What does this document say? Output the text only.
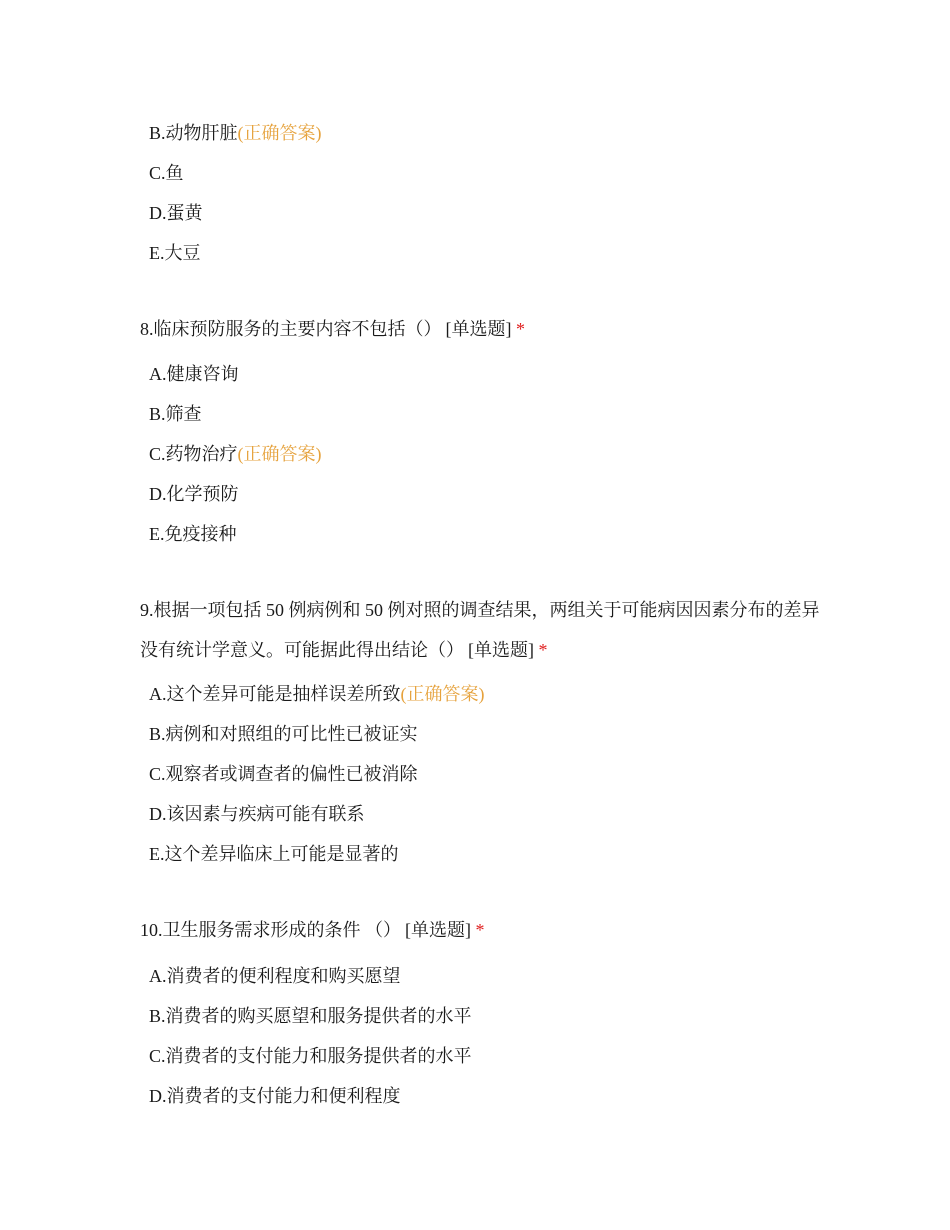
B.动物肝脏(正确答案)
C.鱼
D.蛋黄
E.大豆
8.临床预防服务的主要内容不包括（） [单选题] *
A.健康咨询
B.筛查
C.药物治疗(正确答案)
D.化学预防
E.免疫接种
9.根据一项包括 50 例病例和 50 例对照的调查结果，两组关于可能病因因素分布的差异没有统计学意义。可能据此得出结论（） [单选题] *
A.这个差异可能是抽样误差所致(正确答案)
B.病例和对照组的可比性已被证实
C.观察者或调查者的偏性已被消除
D.该因素与疾病可能有联系
E.这个差异临床上可能是显著的
10.卫生服务需求形成的条件 （） [单选题] *
A.消费者的便利程度和购买愿望
B.消费者的购买愿望和服务提供者的水平
C.消费者的支付能力和服务提供者的水平
D.消费者的支付能力和便利程度
